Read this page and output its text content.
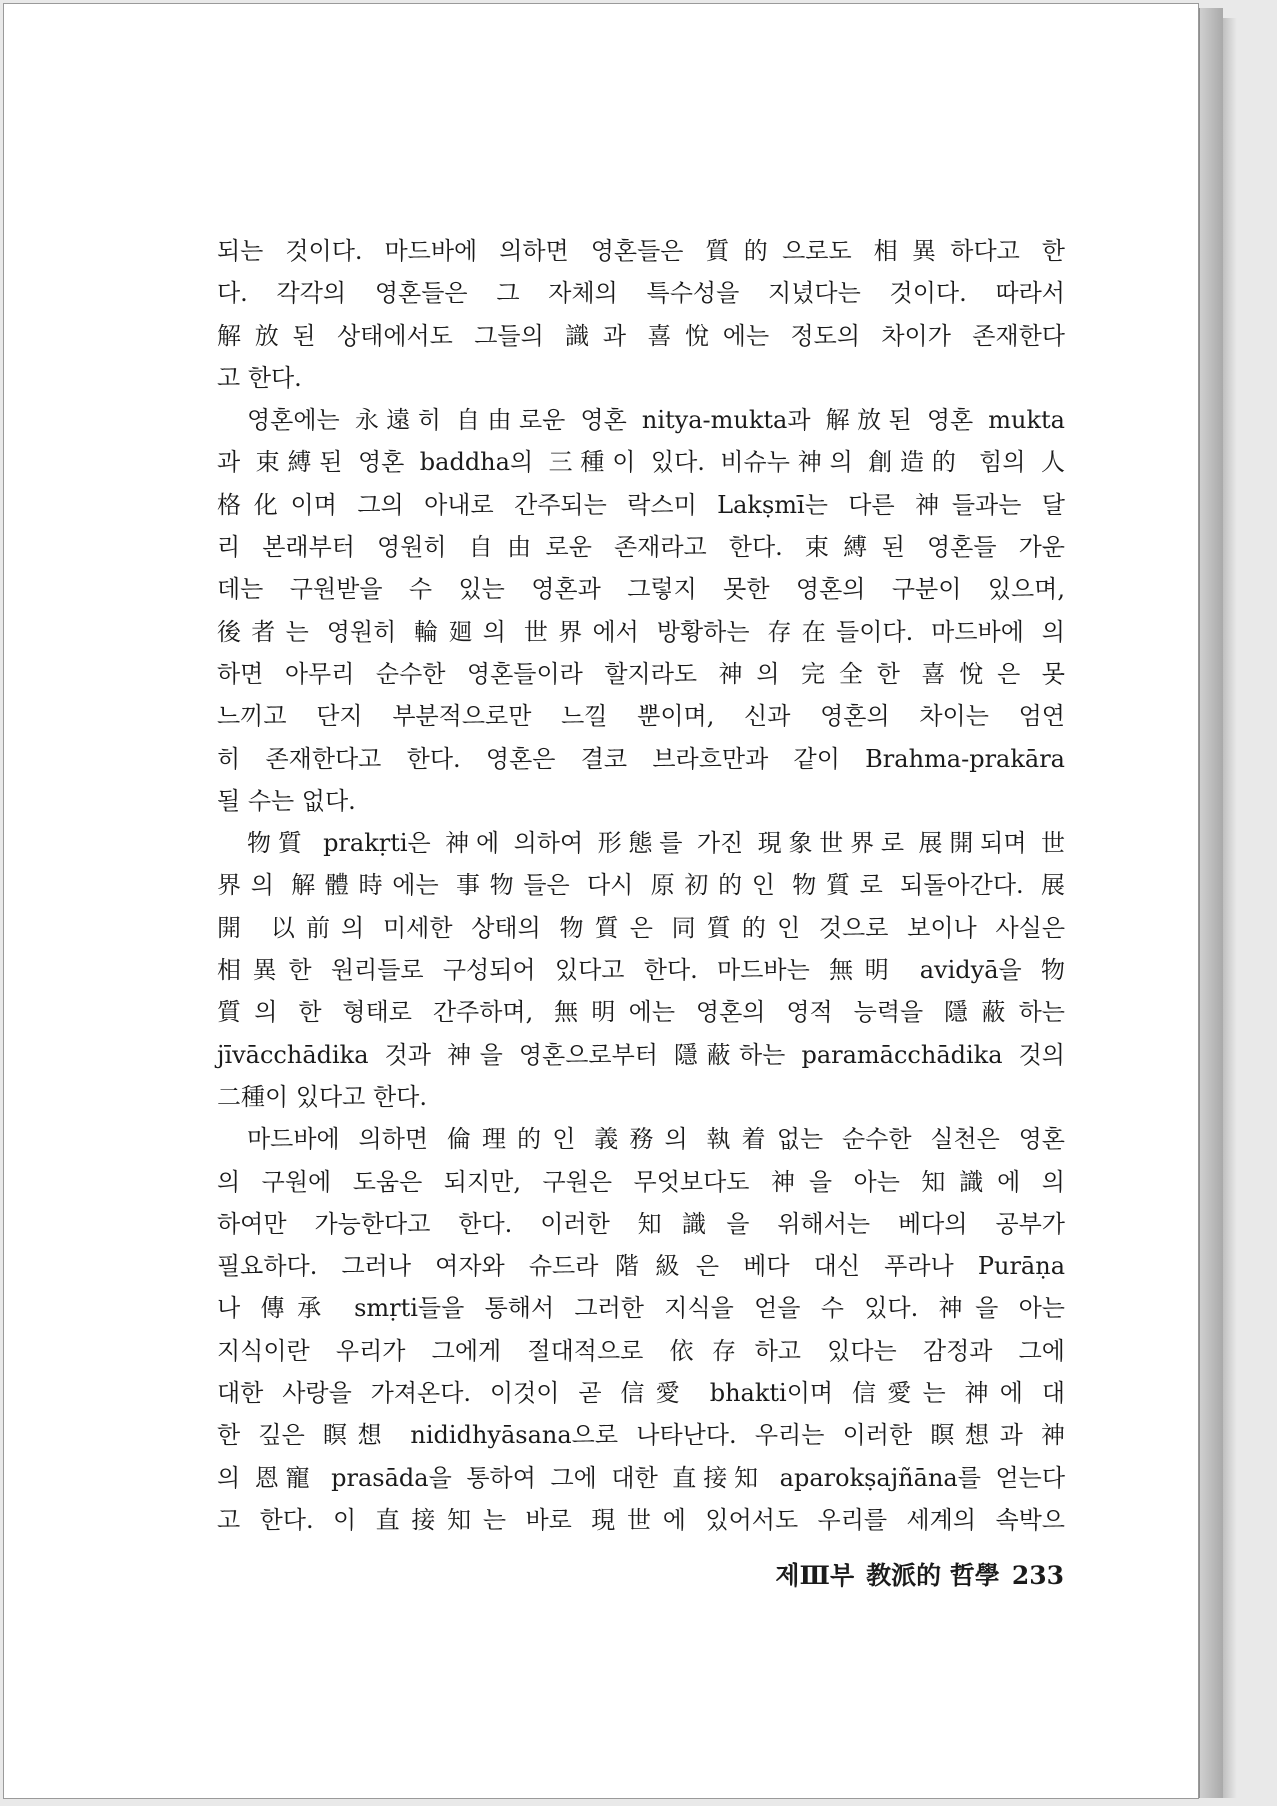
되는 것이다. 마드바에 의하면 영혼들은 質的으로도 相異하다고 한
다. 각각의 영혼들은 그 자체의 특수성을 지녔다는 것이다. 따라서
解放된 상태에서도 그들의 識과 喜悅에는 정도의 차이가 존재한다
고 한다.
영혼에는 永遠히 自由로운 영혼 nitya-mukta과 解放된 영혼 mukta
과 束縛된 영혼 baddha의 三種이 있다. 비슈누神의 創造的 힘의 人
格化이며 그의 아내로 간주되는 락스미 Lakṣmī는 다른 神들과는 달
리 본래부터 영원히 自由로운 존재라고 한다. 束縛된 영혼들 가운
데는 구원받을 수 있는 영혼과 그렇지 못한 영혼의 구분이 있으며,
後者는 영원히 輪廻의 世界에서 방황하는 存在들이다. 마드바에 의
하면 아무리 순수한 영혼들이라 할지라도 神의 完全한 喜悅은 못
느끼고 단지 부분적으로만 느낄 뿐이며, 신과 영혼의 차이는 엄연
히 존재한다고 한다. 영혼은 결코 브라흐만과 같이 Brahma-prakāra
될 수는 없다.
物質 prakṛti은 神에 의하여 形態를 가진 現象世界로 展開되며 世
界의 解體時에는 事物들은 다시 原初的인 物質로 되돌아간다. 展
開 以前의 미세한 상태의 物質은 同質的인 것으로 보이나 사실은
相異한 원리들로 구성되어 있다고 한다. 마드바는 無明 avidyā을 物
質의 한 형태로 간주하며, 無明에는 영혼의 영적 능력을 隱蔽하는
jīvācchādika 것과 神을 영혼으로부터 隱蔽하는 paramācchādika 것의
二種이 있다고 한다.
마드바에 의하면 倫理的인 義務의 執着없는 순수한 실천은 영혼
의 구원에 도움은 되지만, 구원은 무엇보다도 神을 아는 知識에 의
하여만 가능한다고 한다. 이러한 知識을 위해서는 베다의 공부가
필요하다. 그러나 여자와 슈드라階級은 베다 대신 푸라나 Purāṇa
나 傳承 smṛti들을 통해서 그러한 지식을 얻을 수 있다. 神을 아는
지식이란 우리가 그에게 절대적으로 依存하고 있다는 감정과 그에
대한 사랑을 가져온다. 이것이 곧 信愛 bhakti이며 信愛는 神에 대
한 깊은 瞑想 nididhyāsana으로 나타난다. 우리는 이러한 瞑想과 神
의 恩寵 prasāda을 통하여 그에 대한 直接知 aparokṣajñāna를 얻는다
고 한다. 이 直接知는 바로 現世에 있어서도 우리를 세계의 속박으
제Ⅲ부 教派的 哲學 233
